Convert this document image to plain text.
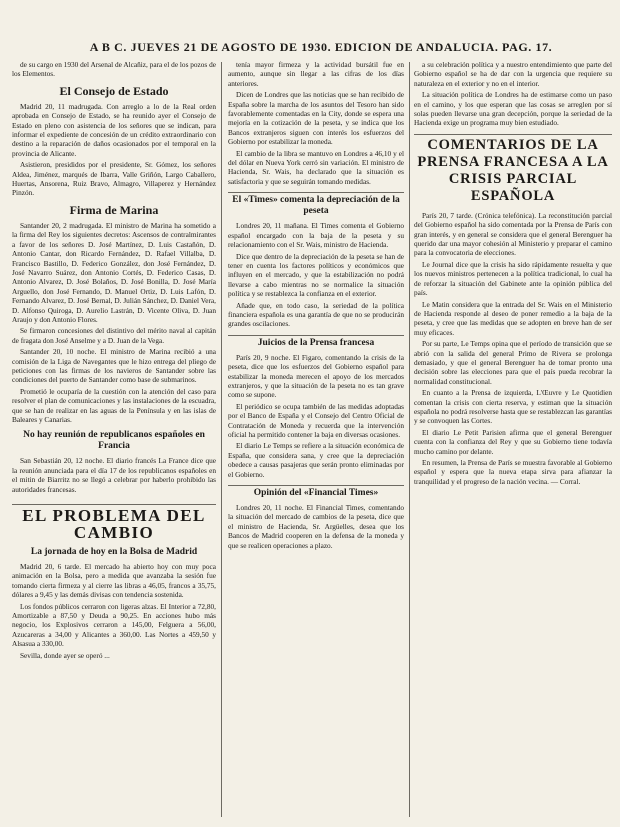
A B C. JUEVES 21 DE AGOSTO DE 1930. EDICION DE ANDALUCIA. PAG. 17.

de su cargo en 1930 del Arsenal de Alcañiz, para el de los pozos de los Elementos.

El Consejo de Estado

Madrid 20, 11 madrugada. Con arreglo a lo de la Real orden aprobada en Consejo de Estado, se ha reunido ayer el Consejo de Estado en pleno con asistencia de los señores que se indican, para informar el expediente de concesión de un crédito extraordinario con destino a la reparación de daños ocasionados por el temporal en la provincia de Alicante.

Asistieron, presididos por el presidente, Sr. Gómez, los señores Aldea, Jiménez, marqués de Ibarra, Valle Griñón, Largo Caballero, Huertas, Ansorena, Ruiz Bravo, Almagro, Villaperez y Hernández Pinzón.

Firma de Marina

Santander 20, 2 madrugada. El ministro de Marina ha sometido a la firma del Rey los siguientes decretos: Ascensos de contralmirantes a favor de los señores D. José Martínez, D. Luis Castañón, D. Antonio Cantar, don Ricardo Fernández, D. Rafael Villalba, D. Francisco Bastillo, D. Federico González, don José Fernández, D. José Navarro Suárez, don Antonio Cortés, D. Federico Casas, D. Antonio Alvarez, D. José Bolaños, D. José Bonilla, D. José María Arguello, don José Fernando, D. Manuel Ortiz, D. Luis Lafón, D. Fernando Alvarez, D. José Bernal, D. Julián Sánchez, D. Daniel Vera, D. Alfonso Quiroga, D. Aurelio Lastrán, D. Vicente Oliva, D. Juan Araujo y don Antonio Flores.

Se firmaron concesiones del distintivo del mérito naval al capitán de fragata don José Anselme y a D. Juan de la Vega.

Santander 20, 10 noche. El ministro de Marina recibió a una comisión de la Liga de Navegantes que le hizo entrega del pliego de peticiones con las firmas de los navieros de Santander sobre las condiciones del puerto de Santander como base de submarinos.

Prometió le ocuparía de la cuestión con la atención del caso para resolver el plan de comunicaciones y las instalaciones de la escuadra, que se han de realizar en las aguas de la Península y en las islas de Baleares y Canarias.

No hay reunión de republicanos españoles en Francia

San Sebastián 20, 12 noche. El diario francés La France dice que la reunión anunciada para el día 17 de los republicanos españoles en el mitin de Biarritz no se llegó a celebrar por haberlo prohibido las autoridades francesas.

EL PROBLEMA DEL CAMBIO
La jornada de hoy en la Bolsa de Madrid

Madrid 20, 6 tarde. El mercado ha abierto hoy con muy poca animación en la Bolsa, pero a medida que avanzaba la sesión fue tomando cierta firmeza y al cierre las libras a 46,05, francos a 35,75, dólares a 9,45 y las demás divisas con tendencia sostenida.

Los fondos públicos cerraron con ligeras alzas. El Interior a 72,80, Amortizable a 87,50 y Deuda a 90,25. En acciones hubo más negocio, los Explosivos cerraron a 145,00, Felguera a 56,00, Azucareras a 34,00 y Alicantes a 360,00. Las Nortes a 459,50 y Alsasua a 330,00.

Sevilla, donde ayer se operó ...

tenía mayor firmeza y la actividad bursátil fue en aumento, aunque sin llegar a las cifras de los días anteriores.

Dicen de Londres que las noticias que se han recibido de España sobre la marcha de los asuntos del Tesoro han sido favorablemente comentadas en la City, donde se espera una mejoría en la cotización de la peseta, y se indica que los Bancos extranjeros siguen con interés los esfuerzos del Gobierno por estabilizar la moneda.

El cambio de la libra se mantuvo en Londres a 46,10 y el del dólar en Nueva York cerró sin variación. El ministro de Hacienda, Sr. Wais, ha declarado que la situación es satisfactoria y que se seguirán tomando medidas.

El «Times» comenta la depreciación de la peseta

Londres 20, 11 mañana. El Times comenta el Gobierno español encargado con la baja de la peseta y su relacionamiento con el Sr. Wais, ministro de Hacienda.

Dice que dentro de la depreciación de la peseta se han de tener en cuenta los factores políticos y económicos que influyen en el mercado, y que la estabilización no podrá llevarse a cabo mientras no se normalice la situación política y se restablezca la confianza en el exterior.

Añade que, en todo caso, la seriedad de la política financiera española es una garantía de que no se producirán grandes oscilaciones.

Juicios de la Prensa francesa

París 20, 9 noche. El Figaro, comentando la crisis de la peseta, dice que los esfuerzos del Gobierno español para estabilizar la moneda merecen el apoyo de los mercados extranjeros, y que la situación de la peseta no es tan grave como se supone.

El periódico se ocupa también de las medidas adoptadas por el Banco de España y el Consejo del Centro Oficial de Contratación de Moneda y recuerda que la intervención oficial ha permitido contener la baja en diversas ocasiones.

El diario Le Temps se refiere a la situación económica de España, que considera sana, y cree que la depreciación obedece a causas pasajeras que serán pronto eliminadas por el Gobierno.

Opinión del «Financial Times»

Londres 20, 11 noche. El Financial Times, comentando la situación del mercado de cambios de la peseta, dice que el ministro de Hacienda, Sr. Argüelles, desea que los Bancos de Madrid cooperen en la defensa de la moneda y que se realicen operaciones a plazo.

a su celebración política y a nuestro entendimiento que parte del Gobierno español se ha de dar con la urgencia que requiere su naturaleza en el exterior y no en el interior.

La situación política de Londres ha de estimarse como un paso en el camino, y los que esperan que las cosas se arreglen por sí solas pueden llevarse una gran decepción, porque la seriedad de la Hacienda exige un programa muy bien estudiado.

COMENTARIOS DE LA PRENSA FRANCESA A LA CRISIS PARCIAL ESPAÑOLA

París 20, 7 tarde. (Crónica telefónica). La reconstitución parcial del Gobierno español ha sido comentada por la Prensa de París con gran interés, y en general se considera que el general Berenguer ha querido dar una mayor cohesión al Ministerio y preparar el camino para la convocatoria de elecciones.

Le Journal dice que la crisis ha sido rápidamente resuelta y que los nuevos ministros pertenecen a la política tradicional, lo cual ha de reforzar la situación del Gabinete ante la opinión pública del país.

Le Matin considera que la entrada del Sr. Wais en el Ministerio de Hacienda responde al deseo de poner remedio a la baja de la peseta, y cree que las medidas que se adopten en breve han de ser muy eficaces.

Por su parte, Le Temps opina que el período de transición que se abrió con la salida del general Primo de Rivera se prolonga demasiado, y que el general Berenguer ha de tomar pronto una decisión sobre las elecciones para que el país pueda recobrar la normalidad constitucional.

En cuanto a la Prensa de izquierda, L'Œuvre y Le Quotidien comentan la crisis con cierta reserva, y estiman que la situación española no podrá resolverse hasta que se restablezcan las garantías y se convoquen las Cortes.

El diario Le Petit Parisien afirma que el general Berenguer cuenta con la confianza del Rey y que su Gobierno tiene todavía mucho camino por delante.

En resumen, la Prensa de París se muestra favorable al Gobierno español y espera que la nueva etapa sirva para afianzar la tranquilidad y el progreso de la nación vecina. — Corral.
